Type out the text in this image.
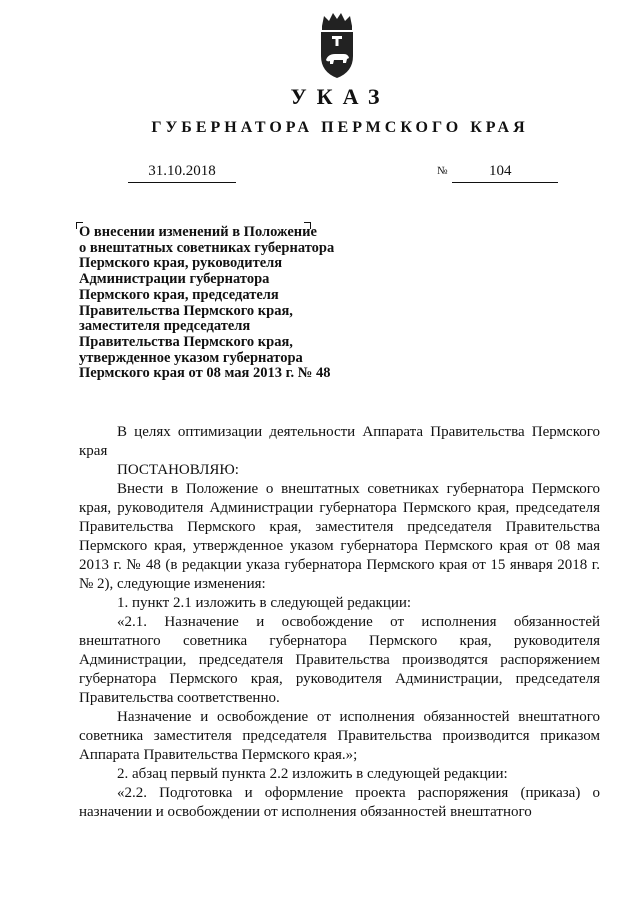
УКАЗ
ГУБЕРНАТОРА ПЕРМСКОГО КРАЯ
31.10.2018	№	104
О внесении изменений в Положение
о внештатных советниках губернатора
Пермского края, руководителя
Администрации губернатора
Пермского края, председателя
Правительства Пермского края,
заместителя председателя
Правительства Пермского края,
утвержденное указом губернатора
Пермского края от 08 мая 2013 г. № 48

В целях оптимизации деятельности Аппарата Правительства Пермского края

ПОСТАНОВЛЯЮ:

Внести в Положение о внештатных советниках губернатора Пермского края, руководителя Администрации губернатора Пермского края, председателя Правительства Пермского края, заместителя председателя Правительства Пермского края, утвержденное указом губернатора Пермского края от 08 мая 2013 г. № 48 (в редакции указа губернатора Пермского края от 15 января 2018 г. № 2), следующие изменения:

1. пункт 2.1 изложить в следующей редакции:

«2.1. Назначение и освобождение от исполнения обязанностей внештатного советника губернатора Пермского края, руководителя Администрации, председателя Правительства производятся распоряжением губернатора Пермского края, руководителя Администрации, председателя Правительства соответственно.

Назначение и освобождение от исполнения обязанностей внештатного советника заместителя председателя Правительства производится приказом Аппарата Правительства Пермского края.»;

2. абзац первый пункта 2.2 изложить в следующей редакции:

«2.2. Подготовка и оформление проекта распоряжения (приказа) о назначении и освобождении от исполнения обязанностей внештатного
